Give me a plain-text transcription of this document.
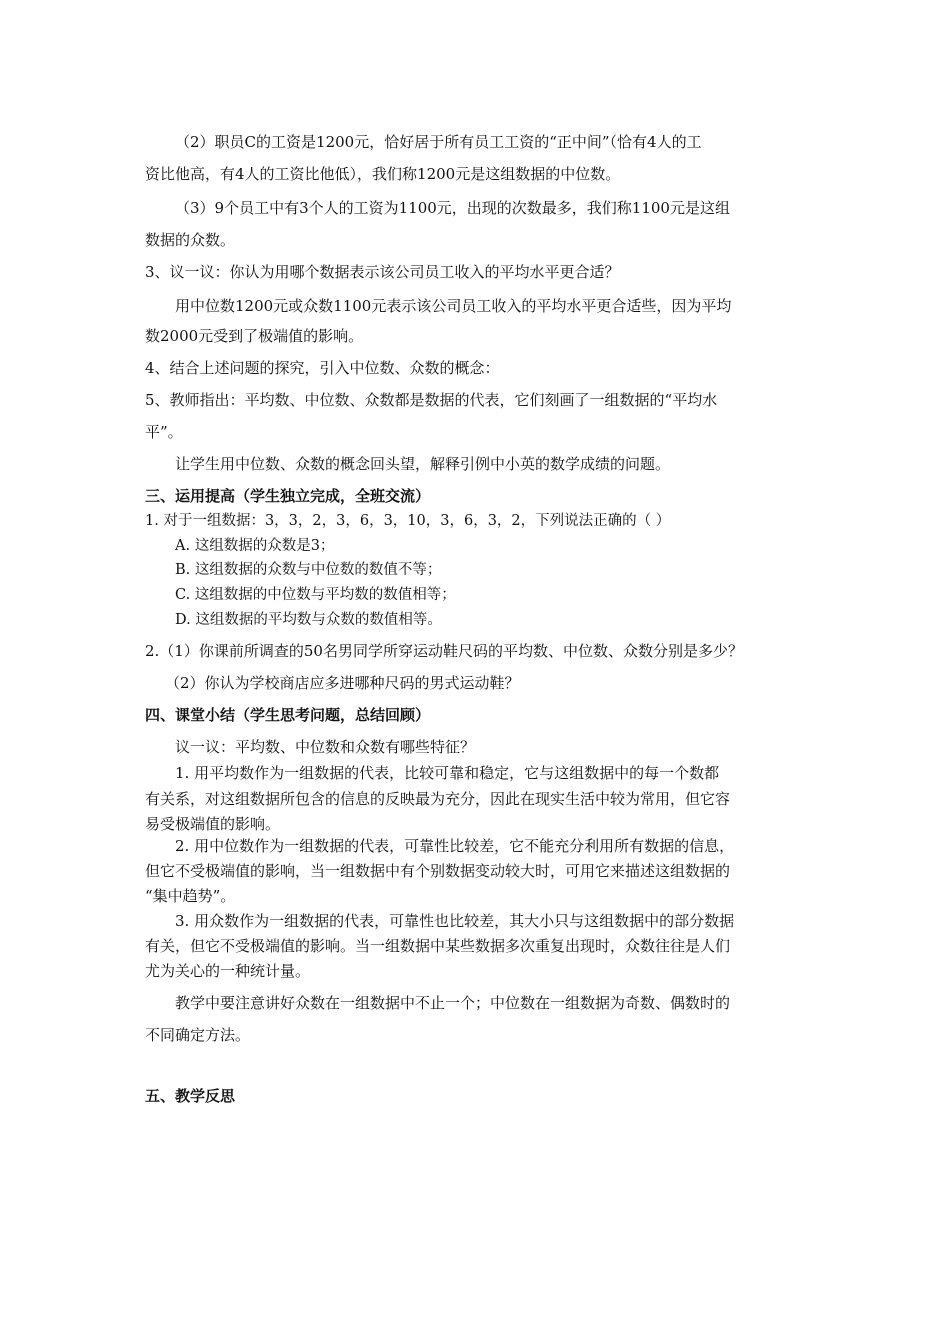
（2）职员C的工资是1200元，恰好居于所有员工工资的“正中间”（恰有4人的工
资比他高，有4人的工资比他低），我们称1200元是这组数据的中位数。
（3）9个员工中有3个人的工资为1100元，出现的次数最多，我们称1100元是这组
数据的众数。
3、议一议：你认为用哪个数据表示该公司员工收入的平均水平更合适？
用中位数1200元或众数1100元表示该公司员工收入的平均水平更合适些，因为平均
数2000元受到了极端值的影响。
4、结合上述问题的探究，引入中位数、众数的概念：
5、教师指出：平均数、中位数、众数都是数据的代表，它们刻画了一组数据的“平均水
平”。
让学生用中位数、众数的概念回头望，解释引例中小英的数学成绩的问题。
三、运用提高（学生独立完成，全班交流）
1. 对于一组数据：3，3，2，3，6，3，10，3，6，3，2，下列说法正确的（ ）
A. 这组数据的众数是3；
B. 这组数据的众数与中位数的数值不等；
C. 这组数据的中位数与平均数的数值相等；
D. 这组数据的平均数与众数的数值相等。
2.（1）你课前所调查的50名男同学所穿运动鞋尺码的平均数、中位数、众数分别是多少？
（2）你认为学校商店应多进哪种尺码的男式运动鞋？
四、课堂小结（学生思考问题，总结回顾）
议一议：平均数、中位数和众数有哪些特征？
1. 用平均数作为一组数据的代表，比较可靠和稳定，它与这组数据中的每一个数都
有关系，对这组数据所包含的信息的反映最为充分，因此在现实生活中较为常用，但它容
易受极端值的影响。
2. 用中位数作为一组数据的代表，可靠性比较差，它不能充分利用所有数据的信息，
但它不受极端值的影响，当一组数据中有个别数据变动较大时，可用它来描述这组数据的
“集中趋势”。
3. 用众数作为一组数据的代表，可靠性也比较差，其大小只与这组数据中的部分数据
有关，但它不受极端值的影响。当一组数据中某些数据多次重复出现时，众数往往是人们
尤为关心的一种统计量。
教学中要注意讲好众数在一组数据中不止一个；中位数在一组数据为奇数、偶数时的
不同确定方法。
五、教学反思
